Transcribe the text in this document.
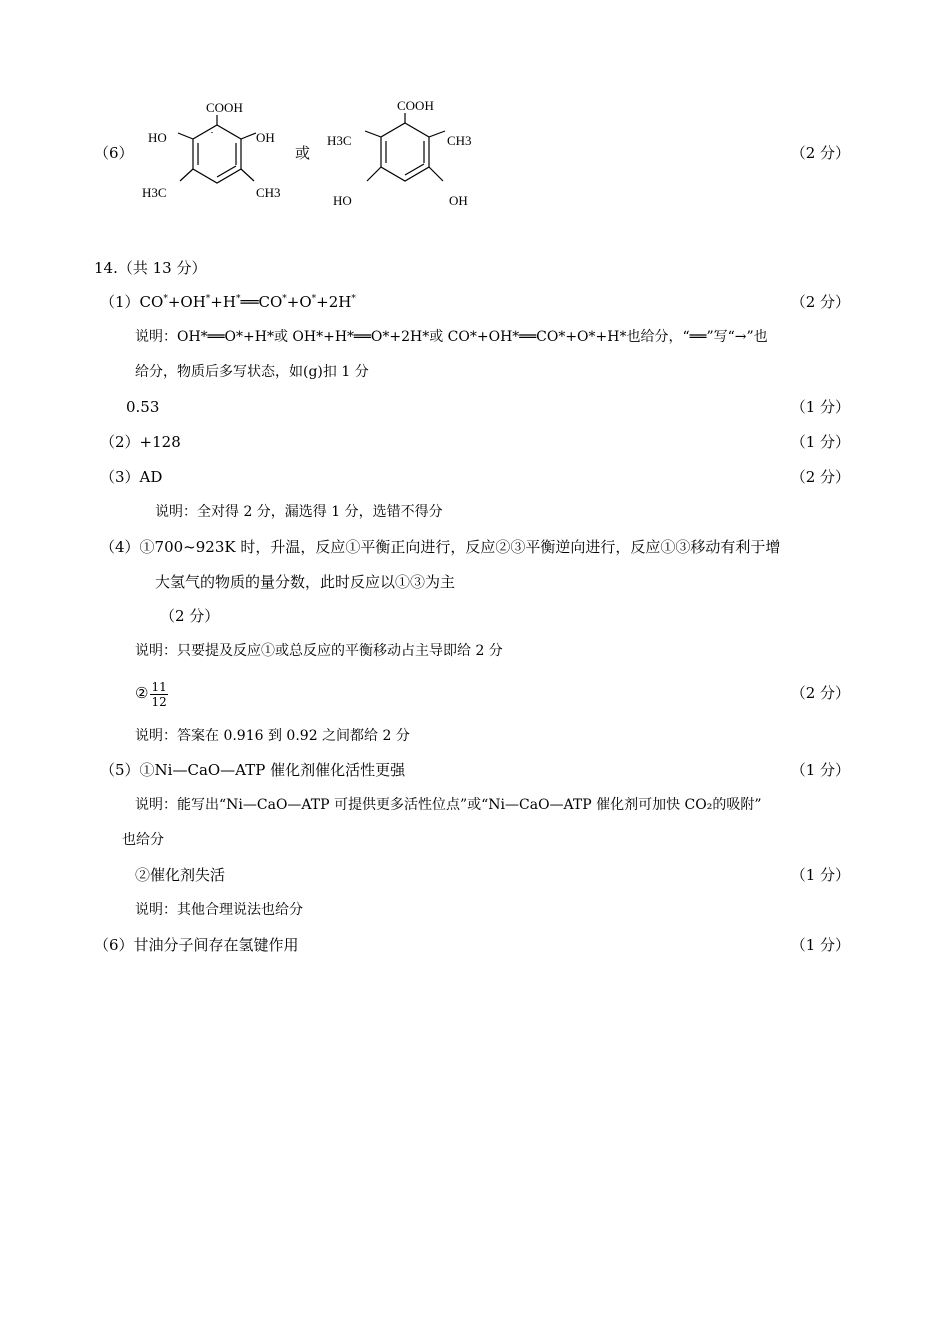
（6）
COOH
HO	OH
H3C	CH3
或
COOH
H3C	CH3
HO	OH
（2 分）
14.（共 13 分）
（1）CO*+OH*+H*══CO*+O*+2H*	（2 分）
说明：OH*══O*+H*或 OH*+H*══O*+2H*或 CO*+OH*══CO*+O*+H*也给分，“══”写“→”也
给分，物质后多写状态，如(g)扣 1 分
0.53	（1 分）
（2）+128	（1 分）
（3）AD	（2 分）
说明：全对得 2 分，漏选得 1 分，选错不得分
（4）①700~923K 时，升温，反应①平衡正向进行，反应②③平衡逆向进行，反应①③移动有利于增
大氢气的物质的量分数，此时反应以①③为主
（2 分）
说明：只要提及反应①或总反应的平衡移动占主导即给 2 分
② $\frac{11}{12}$	（2 分）
说明：答案在 0.916 到 0.92 之间都给 2 分
（5）①Ni—CaO—ATP 催化剂催化活性更强	（1 分）
说明：能写出“Ni—CaO—ATP 可提供更多活性位点”或“Ni—CaO—ATP 催化剂可加快 CO₂的吸附”
也给分
②催化剂失活	（1 分）
说明：其他合理说法也给分
（6）甘油分子间存在氢键作用	（1 分）
